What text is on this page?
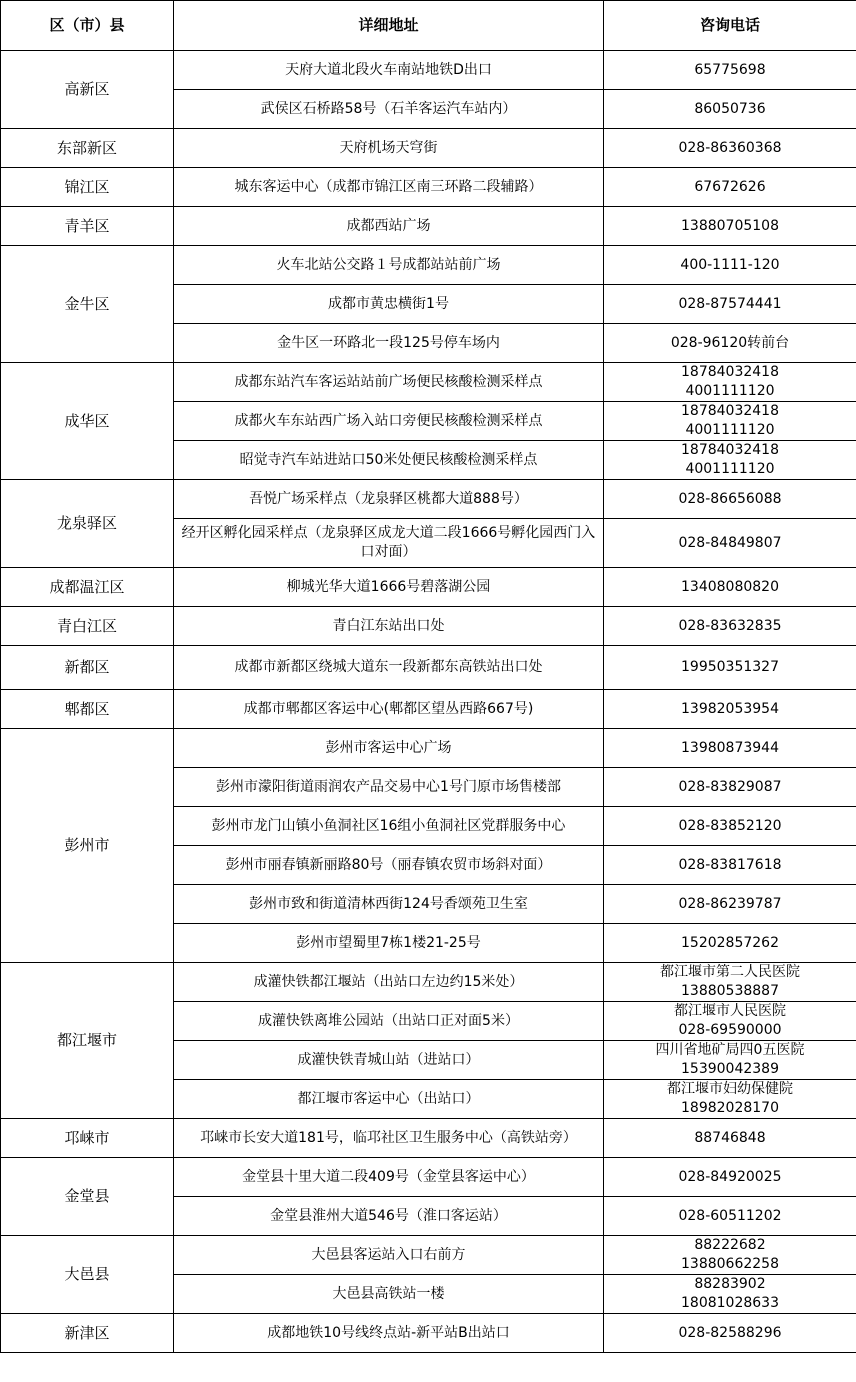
区（市）县	详细地址	咨询电话
高新区	天府大道北段火车南站地铁D出口	65775698

	武侯区石桥路58号（石羊客运汽车站内）	86050736

东部新区	天府机场天穹街	028-86360368

锦江区	城东客运中心（成都市锦江区南三环路二段辅路）	67672626

青羊区	成都西站广场	13880705108

金牛区	火车北站公交路１号成都站站前广场	400-1111-120

	成都市黄忠横街1号	028-87574441

	金牛区一环路北一段125号停车场内	028-96120转前台

成华区	成都东站汽车客运站站前广场便民核酸检测采样点	18784032418
4001111120

	成都火车东站西广场入站口旁便民核酸检测采样点	18784032418
4001111120

	昭觉寺汽车站进站口50米处便民核酸检测采样点	18784032418
4001111120

龙泉驿区	吾悦广场采样点（龙泉驿区桃都大道888号）	028-86656088

	经开区孵化园采样点（龙泉驿区成龙大道二段1666号孵化园西门入口对面）	028-84849807

成都温江区	柳城光华大道1666号碧落湖公园	13408080820

青白江区	青白江东站出口处	028-83632835

新都区	成都市新都区绕城大道东一段新都东高铁站出口处	19950351327

郫都区	成都市郫都区客运中心(郫都区望丛西路667号)	13982053954

彭州市	彭州市客运中心广场	13980873944

	彭州市濛阳街道雨润农产品交易中心1号门原市场售楼部	028-83829087

	彭州市龙门山镇小鱼洞社区16组小鱼洞社区党群服务中心	028-83852120

	彭州市丽春镇新丽路80号（丽春镇农贸市场斜对面）	028-83817618

	彭州市致和街道清林西街124号香颂苑卫生室	028-86239787

	彭州市望蜀里7栋1楼21-25号	15202857262

都江堰市	成灌快铁都江堰站（出站口左边约15米处）	都江堰市第二人民医院
13880538887

	成灌快铁离堆公园站（出站口正对面5米）	都江堰市人民医院
028-69590000

	成灌快铁青城山站（进站口）	四川省地矿局四0五医院
15390042389

	都江堰市客运中心（出站口）	都江堰市妇幼保健院
18982028170

邛崃市	邛崃市长安大道181号，临邛社区卫生服务中心（高铁站旁）	88746848

金堂县	金堂县十里大道二段409号（金堂县客运中心）	028-84920025

	金堂县淮州大道546号（淮口客运站）	028-60511202

大邑县	大邑县客运站入口右前方	88222682
13880662258

	大邑县高铁站一楼	88283902
18081028633

新津区	成都地铁10号线终点站-新平站B出站口	028-82588296
